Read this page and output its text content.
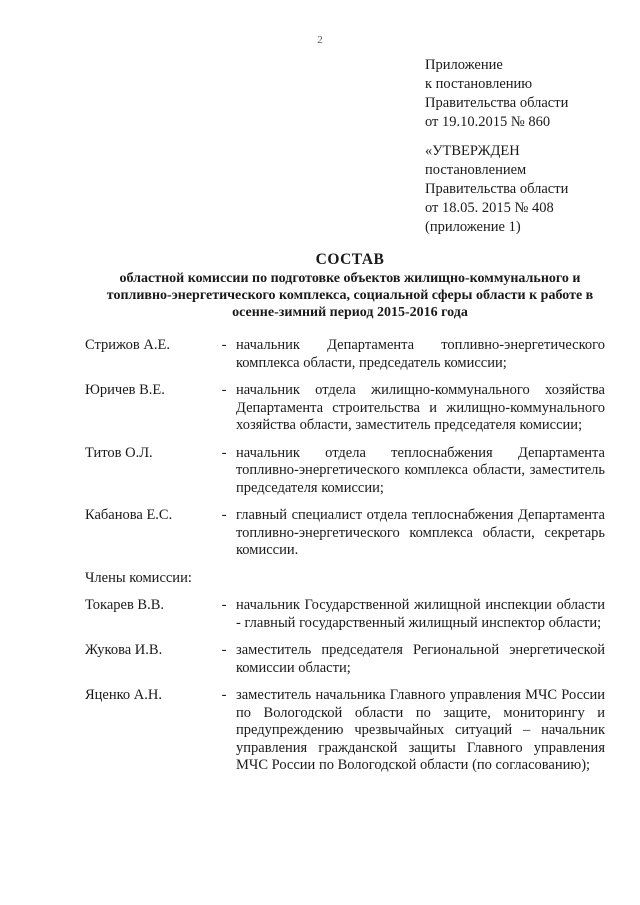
2
Приложение
к постановлению
Правительства области
от 19.10.2015 № 860
«УТВЕРЖДЕН
постановлением
Правительства области
от 18.05. 2015 № 408
(приложение 1)
СОСТАВ
областной комиссии по подготовке объектов жилищно-коммунального и
топливно-энергетического комплекса, социальной сферы области к работе в
осенне-зимний период 2015-2016 года
Стрижов А.Е.	- начальник Департамента топливно-энергетического комплекса области, председатель комиссии;
Юричев В.Е.	- начальник отдела жилищно-коммунального хозяйства Департамента строительства и жилищно-коммунального хозяйства области, заместитель председателя комиссии;
Титов О.Л.	- начальник отдела теплоснабжения Департамента топливно-энергетического комплекса области, заместитель председателя комиссии;
Кабанова Е.С.	- главный специалист отдела теплоснабжения Департамента топливно-энергетического комплекса области, секретарь комиссии.
Члены комиссии:
Токарев В.В.	- начальник Государственной жилищной инспекции области - главный государственный жилищный инспектор области;
Жукова И.В.	- заместитель председателя Региональной энергетической комиссии области;
Яценко А.Н.	- заместитель начальника Главного управления МЧС России по Вологодской области по защите, мониторингу и предупреждению чрезвычайных ситуаций – начальник управления гражданской защиты Главного управления МЧС России по Вологодской области (по согласованию);
